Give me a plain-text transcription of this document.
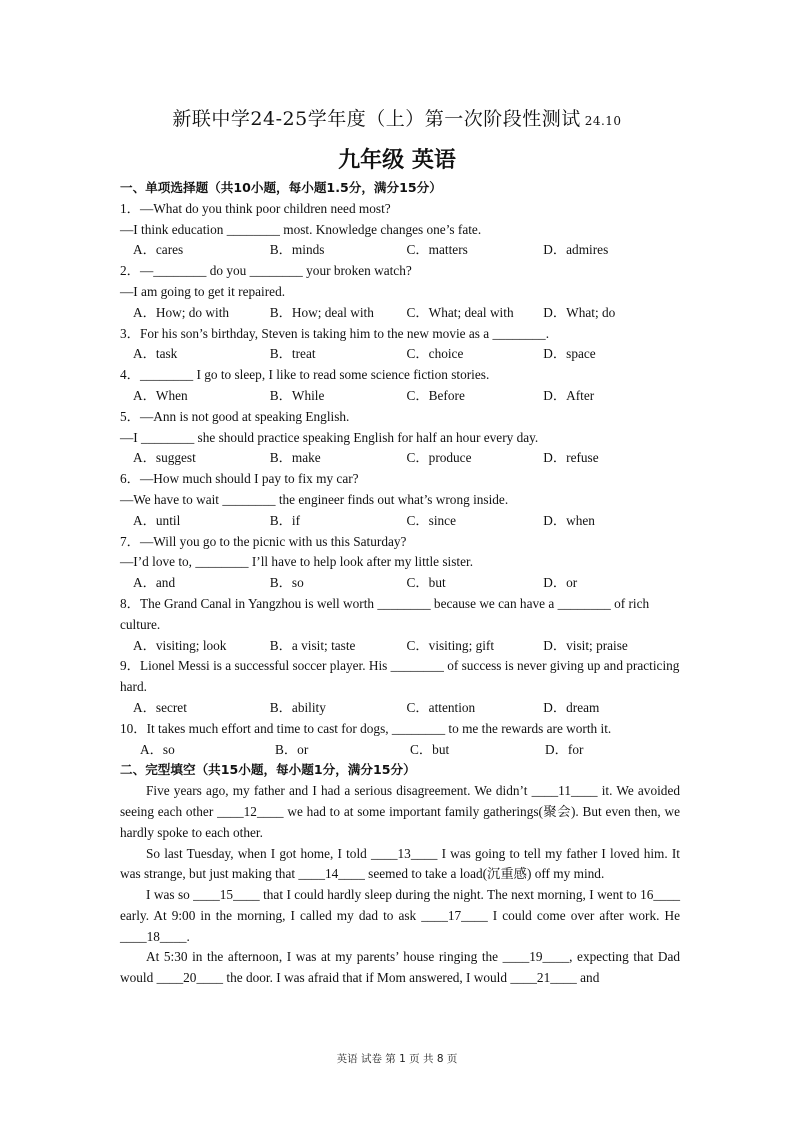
新联中学24-25学年度（上）第一次阶段性测试 24.10
九年级 英语
一、单项选择题（共10小题，每小题1.5分，满分15分）
1．—What do you think poor children need most?
—I think education ________ most. Knowledge changes one’s fate.
A．cares	B．minds	C．matters	D．admires
2．—________ do you ________ your broken watch?
—I am going to get it repaired.
A．How; do with	B．How; deal with	C．What; deal with	D．What; do
3．For his son’s birthday, Steven is taking him to the new movie as a ________.
A．task	B．treat	C．choice	D．space
4．________ I go to sleep, I like to read some science fiction stories.
A．When	B．While	C．Before	D．After
5．—Ann is not good at speaking English.
—I ________ she should practice speaking English for half an hour every day.
A．suggest	B．make	C．produce	D．refuse
6．—How much should I pay to fix my car?
—We have to wait ________ the engineer finds out what’s wrong inside.
A．until	B．if	C．since	D．when
7．—Will you go to the picnic with us this Saturday?
—I’d love to, ________ I’ll have to help look after my little sister.
A．and	B．so	C．but	D．or
8．The Grand Canal in Yangzhou is well worth ________ because we can have a ________ of rich culture.
A．visiting; look	B．a visit; taste	C．visiting; gift	D．visit; praise
9．Lionel Messi is a successful soccer player. His ________ of success is never giving up and practicing hard.
A．secret	B．ability	C．attention	D．dream
10．It takes much effort and time to cast for dogs, ________ to me the rewards are worth it.
A．so	B．or	C．but	D．for
二、完型填空（共15小题，每小题1分，满分15分）
Five years ago, my father and I had a serious disagreement. We didn’t ____11____ it. We avoided seeing each other ____12____ we had to at some important family gatherings(聚会). But even then, we hardly spoke to each other.
So last Tuesday, when I got home, I told ____13____ I was going to tell my father I loved him. It was strange, but just making that ____14____ seemed to take a load(沉重感) off my mind.
I was so ____15____ that I could hardly sleep during the night. The next morning, I went to 16____ early. At 9:00 in the morning, I called my dad to ask ____17____ I could come over after work. He ____18____.
At 5:30 in the afternoon, I was at my parents’ house ringing the ____19____, expecting that Dad would ____20____ the door. I was afraid that if Mom answered, I would ____21____ and
英语 试卷 第 1 页 共 8 页
